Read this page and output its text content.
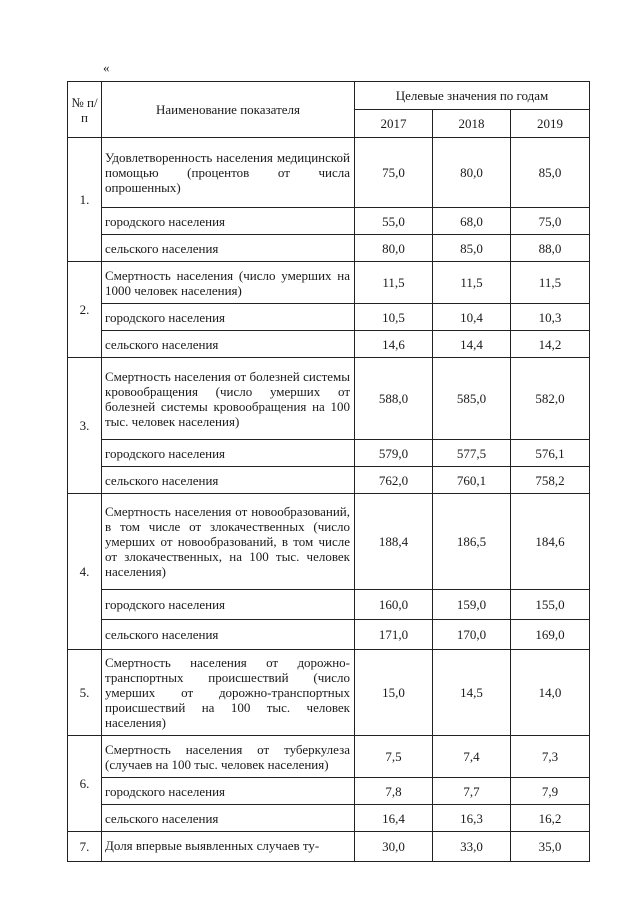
«
№ п/п	Наименование показателя	Целевые значения по годам		
		2017	2018	2019
1.	Удовлетворенность населения медицинской помощью (процентов от числа опрошенных)	75,0	80,0	85,0
	городского населения	55,0	68,0	75,0
	сельского населения	80,0	85,0	88,0
2.	Смертность населения (число умерших на 1000 человек населения)	11,5	11,5	11,5
	городского населения	10,5	10,4	10,3
	сельского населения	14,6	14,4	14,2
3.	Смертность населения от болезней системы кровообращения (число умерших от болезней системы кровообращения на 100 тыс. человек населения)	588,0	585,0	582,0
	городского населения	579,0	577,5	576,1
	сельского населения	762,0	760,1	758,2
4.	Смертность населения от новообразований, в том числе от злокачественных (число умерших от новообразований, в том числе от злокачественных, на 100 тыс. человек населения)	188,4	186,5	184,6
	городского населения	160,0	159,0	155,0
	сельского населения	171,0	170,0	169,0
5.	Смертность населения от дорожно-транспортных происшествий (число умерших от дорожно-транспортных происшествий на 100 тыс. человек населения)	15,0	14,5	14,0
6.	Смертность населения от туберкулеза (случаев на 100 тыс. человек населения)	7,5	7,4	7,3
	городского населения	7,8	7,7	7,9
	сельского населения	16,4	16,3	16,2
7.	Доля впервые выявленных случаев ту-	30,0	33,0	35,0
